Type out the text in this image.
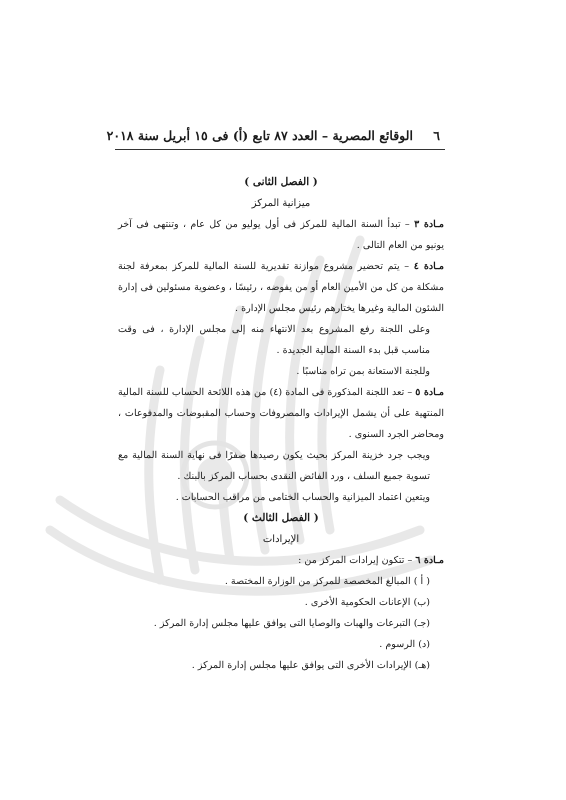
٦ الوقائع المصرية – العدد ٨٧ تابع (أ) فى ١٥ أبريل سنة ٢٠١٨

( الفصل الثانى )

ميزانية المركز

مـادة ٣ – تبدأ السنة المالية للمركز فى أول يوليو من كل عام ، وتنتهى فى آخر يونيو من العام التالى .

مـادة ٤ – يتم تحضير مشروع موازنة تقديرية للسنة المالية للمركز بمعرفة لجنة مشكلة من كل من الأمين العام أو من يفوضه ، رئيسًا ، وعضوية مسئولين فى إدارة الشئون المالية وغيرها يختارهم رئيس مجلس الإدارة .

وعلى اللجنة رفع المشروع بعد الانتهاء منه إلى مجلس الإدارة ، فى وقت مناسب قبل بدء السنة المالية الجديدة .

وللجنة الاستعانة بمن تراه مناسبًا .

مـادة ٥ – تعد اللجنة المذكورة فى المادة (٤) من هذه اللائحة الحساب للسنة المالية المنتهية على أن يشمل الإيرادات والمصروفات وحساب المقبوضات والمدفوعات ، ومحاضر الجرد السنوى .

ويجب جرد خزينة المركز بحيث يكون رصيدها صفرًا فى نهاية السنة المالية مع تسوية جميع السلف ، ورد الفائض النقدى بحساب المركز بالبنك .

ويتعين اعتماد الميزانية والحساب الختامى من مراقب الحسابات .

( الفصل الثالث )

الإيرادات

مـادة ٦ – تتكون إيرادات المركز من :

( أ ) المبالغ المخصصة للمركز من الوزارة المختصة .

(ب) الإعانات الحكومية الأخرى .

(جـ) التبرعات والهبات والوصايا التى يوافق عليها مجلس إدارة المركز .

(د) الرسوم .

(هـ) الإيرادات الأخرى التى يوافق عليها مجلس إدارة المركز .
